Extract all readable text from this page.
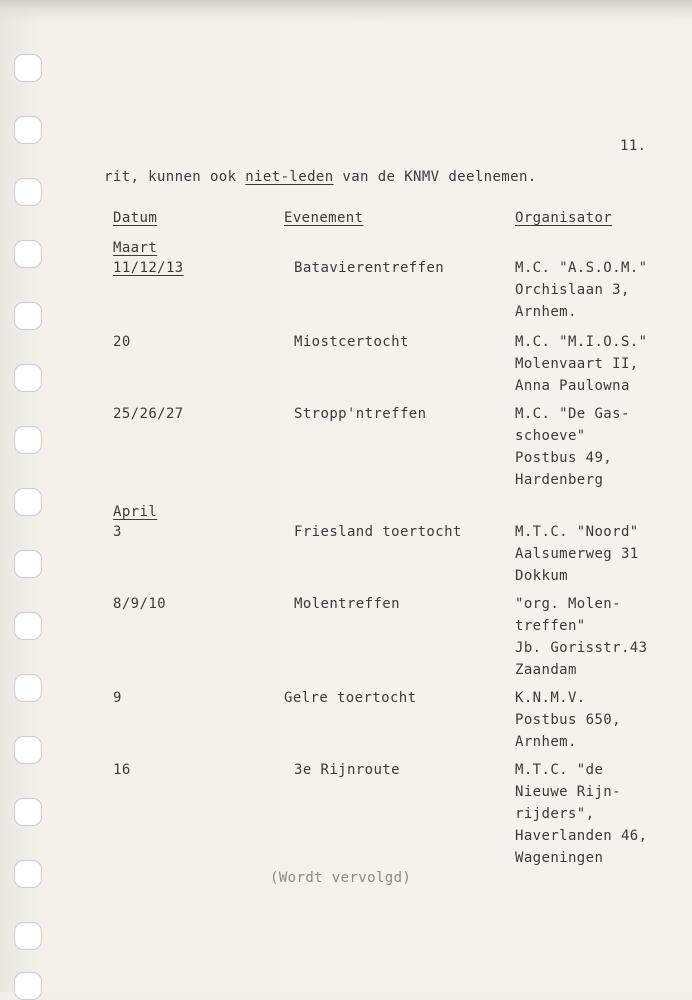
11.
rit, kunnen ook niet-leden van de KNMV deelnemen.
Datum	Evenement	Organisator
Maart
11/12/13	Batavierentreffen	M.C. "A.S.O.M."
Orchislaan 3,
Arnhem.
20	Miostcertocht	M.C. "M.I.O.S."
Molenvaart II,
Anna Paulowna
25/26/27	Stropp'ntreffen	M.C. "De Gas-
schoeve"
Postbus 49,
Hardenberg
April
3	Friesland toertocht	M.T.C. "Noord"
Aalsumerweg 31
Dokkum
8/9/10	Molentreffen	"org. Molen-
treffen"
Jb. Gorisstr.43
Zaandam
9	Gelre toertocht	K.N.M.V.
Postbus 650,
Arnhem.
16	3e Rijnroute	M.T.C. "de
Nieuwe Rijn-
rijders",
Haverlanden 46,
Wageningen
(Wordt vervolgd)
